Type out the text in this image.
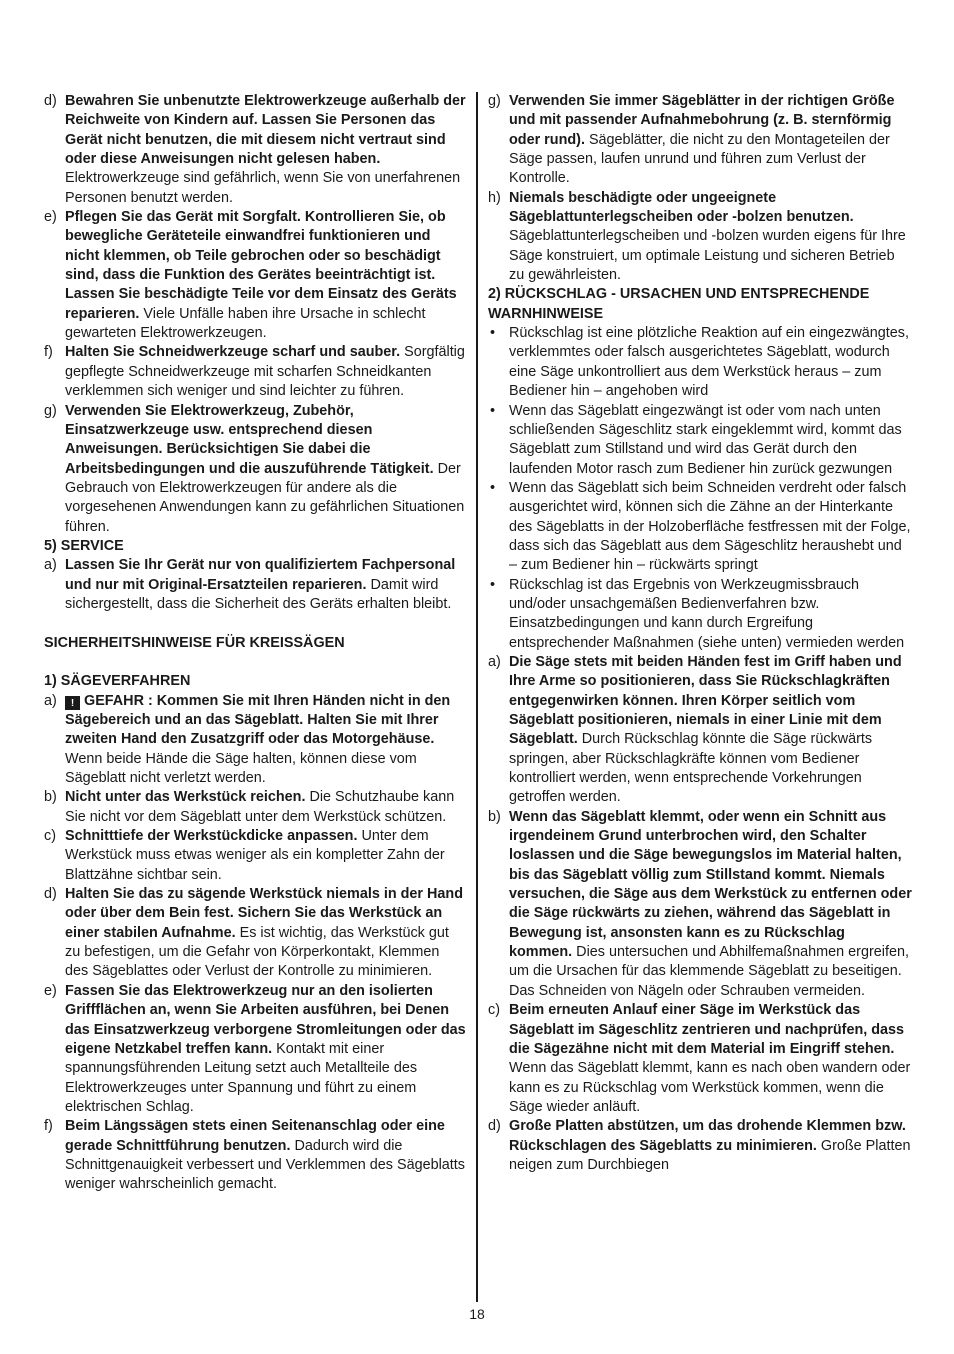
d) Bewahren Sie unbenutzte Elektrowerkzeuge außerhalb der Reichweite von Kindern auf. Lassen Sie Personen das Gerät nicht benutzen, die mit diesem nicht vertraut sind oder diese Anweisungen nicht gelesen haben. Elektrowerkzeuge sind gefährlich, wenn Sie von unerfahrenen Personen benutzt werden.
e) Pflegen Sie das Gerät mit Sorgfalt. Kontrollieren Sie, ob bewegliche Geräteteile einwandfrei funktionieren und nicht klemmen, ob Teile gebrochen oder so beschädigt sind, dass die Funktion des Gerätes beeinträchtigt ist. Lassen Sie beschädigte Teile vor dem Einsatz des Geräts reparieren. Viele Unfälle haben ihre Ursache in schlecht gewarteten Elektrowerkzeugen.
f) Halten Sie Schneidwerkzeuge scharf und sauber. Sorgfältig gepflegte Schneidwerkzeuge mit scharfen Schneidkanten verklemmen sich weniger und sind leichter zu führen.
g) Verwenden Sie Elektrowerkzeug, Zubehör, Einsatzwerkzeuge usw. entsprechend diesen Anweisungen. Berücksichtigen Sie dabei die Arbeitsbedingungen und die auszuführende Tätigkeit. Der Gebrauch von Elektrowerkzeugen für andere als die vorgesehenen Anwendungen kann zu gefährlichen Situationen führen.
5) SERVICE
a) Lassen Sie Ihr Gerät nur von qualifiziertem Fachpersonal und nur mit Original-Ersatzteilen reparieren. Damit wird sichergestellt, dass die Sicherheit des Geräts erhalten bleibt.
SICHERHEITSHINWEISE FÜR KREISSÄGEN
1) SÄGEVERFAHREN
a) ! GEFAHR : Kommen Sie mit Ihren Händen nicht in den Sägebereich und an das Sägeblatt. Halten Sie mit Ihrer zweiten Hand den Zusatzgriff oder das Motorgehäuse. Wenn beide Hände die Säge halten, können diese vom Sägeblatt nicht verletzt werden.
b) Nicht unter das Werkstück reichen. Die Schutzhaube kann Sie nicht vor dem Sägeblatt unter dem Werkstück schützen.
c) Schnitttiefe der Werkstückdicke anpassen. Unter dem Werkstück muss etwas weniger als ein kompletter Zahn der Blattzähne sichtbar sein.
d) Halten Sie das zu sägende Werkstück niemals in der Hand oder über dem Bein fest. Sichern Sie das Werkstück an einer stabilen Aufnahme. Es ist wichtig, das Werkstück gut zu befestigen, um die Gefahr von Körperkontakt, Klemmen des Sägeblattes oder Verlust der Kontrolle zu minimieren.
e) Fassen Sie das Elektrowerkzeug nur an den isolierten Griffflächen an, wenn Sie Arbeiten ausführen, bei Denen das Einsatzwerkzeug verborgene Stromleitungen oder das eigene Netzkabel treffen kann. Kontakt mit einer spannungsführenden Leitung setzt auch Metallteile des Elektrowerkzeuges unter Spannung und führt zu einem elektrischen Schlag.
f) Beim Längssägen stets einen Seitenanschlag oder eine gerade Schnittführung benutzen. Dadurch wird die Schnittgenauigkeit verbessert und Verklemmen des Sägeblatts weniger wahrscheinlich gemacht.
g) Verwenden Sie immer Sägeblätter in der richtigen Größe und mit passender Aufnahmebohrung (z. B. sternförmig oder rund). Sägeblätter, die nicht zu den Montageteilen der Säge passen, laufen unrund und führen zum Verlust der Kontrolle.
h) Niemals beschädigte oder ungeeignete Sägeblattunterlegscheiben oder -bolzen benutzen. Sägeblattunterlegscheiben und -bolzen wurden eigens für Ihre Säge konstruiert, um optimale Leistung und sicheren Betrieb zu gewährleisten.
2) RÜCKSCHLAG - URSACHEN UND ENTSPRECHENDE WARNHINWEISE
• Rückschlag ist eine plötzliche Reaktion auf ein eingezwängtes, verklemmtes oder falsch ausgerichtetes Sägeblatt, wodurch eine Säge unkontrolliert aus dem Werkstück heraus – zum Bediener hin – angehoben wird
• Wenn das Sägeblatt eingezwängt ist oder vom nach unten schließenden Sägeschlitz stark eingeklemmt wird, kommt das Sägeblatt zum Stillstand und wird das Gerät durch den laufenden Motor rasch zum Bediener hin zurück gezwungen
• Wenn das Sägeblatt sich beim Schneiden verdreht oder falsch ausgerichtet wird, können sich die Zähne an der Hinterkante des Sägeblatts in der Holzoberfläche festfressen mit der Folge, dass sich das Sägeblatt aus dem Sägeschlitz heraushebt und – zum Bediener hin – rückwärts springt
• Rückschlag ist das Ergebnis von Werkzeugmissbrauch und/oder unsachgemäßen Bedienverfahren bzw. Einsatzbedingungen und kann durch Ergreifung entsprechender Maßnahmen (siehe unten) vermieden werden
a) Die Säge stets mit beiden Händen fest im Griff haben und Ihre Arme so positionieren, dass Sie Rückschlagkräften entgegenwirken können. Ihren Körper seitlich vom Sägeblatt positionieren, niemals in einer Linie mit dem Sägeblatt. Durch Rückschlag könnte die Säge rückwärts springen, aber Rückschlagkräfte können vom Bediener kontrolliert werden, wenn entsprechende Vorkehrungen getroffen werden.
b) Wenn das Sägeblatt klemmt, oder wenn ein Schnitt aus irgendeinem Grund unterbrochen wird, den Schalter loslassen und die Säge bewegungslos im Material halten, bis das Sägeblatt völlig zum Stillstand kommt. Niemals versuchen, die Säge aus dem Werkstück zu entfernen oder die Säge rückwärts zu ziehen, während das Sägeblatt in Bewegung ist, ansonsten kann es zu Rückschlag kommen. Dies untersuchen und Abhilfemaßnahmen ergreifen, um die Ursachen für das klemmende Sägeblatt zu beseitigen. Das Schneiden von Nägeln oder Schrauben vermeiden.
c) Beim erneuten Anlauf einer Säge im Werkstück das Sägeblatt im Sägeschlitz zentrieren und nachprüfen, dass die Sägezähne nicht mit dem Material im Eingriff stehen. Wenn das Sägeblatt klemmt, kann es nach oben wandern oder kann es zu Rückschlag vom Werkstück kommen, wenn die Säge wieder anläuft.
d) Große Platten abstützen, um das drohende Klemmen bzw. Rückschlagen des Sägeblatts zu minimieren. Große Platten neigen zum Durchbiegen
18
